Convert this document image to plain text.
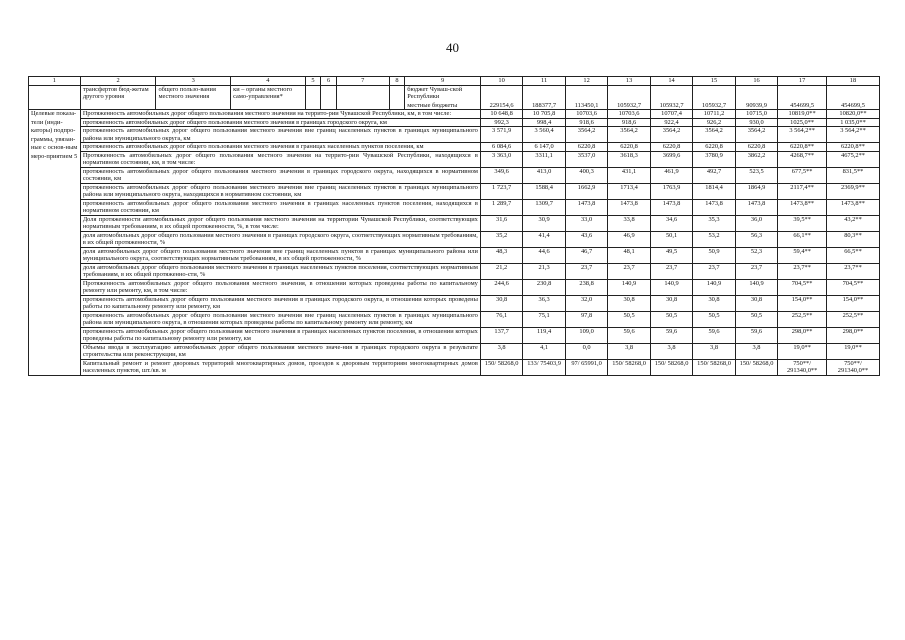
40
1	2	3	4	5	6	7	8	9	10	11	12	13	14	15	16	17	18
	трансфертов бюд-жетам другого уровня	общего пользо-вания местного значения	ки – органы местного само-управления*					бюджет Чуваш-ской Республики
местные бюджеты	229154,6	188377,7	113450,1	105932,7	105932,7	105932,7	90939,9	454699,5	454699,5
Целевые показа-тели (инди-каторы) подпро-граммы, увязан-ные с основ-ным меро-приятием 5	Протяженность автомобильных дорог общего пользования местного значения на террито-рии Чувашской Республики, км, в том числе:								10 648,8	10 705,8	10703,6	10703,6	10707,4	10711,2	10715,0	10819,0**	10820,0**
	протяженность автомобильных дорог общего пользования местного значения в границах городского округа, км								992,3	998,4	918,6	918,6	922,4	926,2	930,0	1025,0**	1 035,0**
	протяженность автомобильных дорог общего пользования местного значения вне границ населенных пунктов в границах муниципального района или муниципального округа, км								3 571,9	3 560,4	3564,2	3564,2	3564,2	3564,2	3564,2	3 564,2**	3 564,2**
	протяженность автомобильных дорог общего пользования местного значения в границах населенных пунктов поселения, км								6 084,6	6 147,0	6220,8	6220,8	6220,8	6220,8	6220,8	6220,8**	6220,8**
	Протяженность автомобильных дорог общего пользования местного значения на террито-рии Чувашской Республики, находящихся в нормативном состоянии, км, в том числе:								3 363,0	3311,1	3537,0	3618,3	3699,6	3780,9	3862,2	4268,7**	4675,2**
	протяженность автомобильных дорог общего пользования местного значения в границах городского округа, находящихся в нормативном состоянии, км								349,6	413,0	400,3	431,1	461,9	492,7	523,5	677,5**	831,5**
	протяженность автомобильных дорог общего пользования местного значения вне границ населенных пунктов в границах муниципального района или муниципального округа, находящихся в нормативном состоянии, км								1 723,7	1588,4	1662,9	1713,4	1763,9	1814,4	1864,9	2117,4**	2369,9**
	протяженность автомобильных дорог общего пользования местного значения в границах населенных пунктов поселения, находящихся в нормативном состоянии, км								1 289,7	1309,7	1473,8	1473,8	1473,8	1473,8	1473,8	1473,8**	1473,8**
	Доля протяженности автомобильных дорог общего пользования местного значения на территории Чувашской Республики, соответствующих нормативным требованиям, в их общей протяженности, %, в том числе:								31,6	30,9	33,0	33,8	34,6	35,3	36,0	39,5**	43,2**
	доля автомобильных дорог общего пользования местного значения в границах городского округа, соответствующих нормативным требованиям, в их общей протяженности, %								35,2	41,4	43,6	46,9	50,1	53,2	56,3	66,1**	80,3**
	доля автомобильных дорог общего пользования местного значения вне границ населенных пунктов в границах муниципального района или муниципального округа, соответствующих нормативным требованиям, в их общей протяженности, %								48,3	44,6	46,7	48,1	49,5	50,9	52,3	59,4**	66,5**
	доля автомобильных дорог общего пользования местного значения в границах населенных пунктов поселения, соответствующих нормативным требованиям, в их общей протяженно-сти, %								21,2	21,3	23,7	23,7	23,7	23,7	23,7	23,7**	23,7**
	Протяженность автомобильных дорог общего пользования местного значения, в отношении которых проведены работы по капитальному ремонту или ремонту, км, в том числе:								244,6	230,8	238,8	140,9	140,9	140,9	140,9	704,5**	704,5**
	протяженность автомобильных дорог общего пользования местного значения в границах городского округа, в отношении которых проведены работы по капитальному ремонту или ремонту, км								30,8	36,3	32,0	30,8	30,8	30,8	30,8	154,0**	154,0**
	протяженность автомобильных дорог общего пользования местного значения вне границ населенных пунктов в границах муниципального района или муниципального округа, в отношении которых проведены работы по капитальному ремонту или ремонту, км								76,1	75,1	97,8	50,5	50,5	50,5	50,5	252,5**	252,5**
	протяженность автомобильных дорог общего пользования местного значения в границах населенных пунктов поселения, в отношении которых проведены работы по капитальному ремонту или ремонту, км								137,7	119,4	109,0	59,6	59,6	59,6	59,6	298,0**	298,0**
	Объемы ввода в эксплуатацию автомобильных дорог общего пользования местного значе-ния в границах городского округа в результате строительства или реконструкции, км								3,8	4,1	0,0	3,8	3,8	3,8	3,8	19,0**	19,0**
	Капитальный ремонт и ремонт дворовых территорий многоквартирных домов, проездов к дворовым территориям многоквартирных домов населенных пунктов, шт./кв. м								150/ 58268,0	133/ 75403,9	97/ 65991,0	150/ 58268,0	150/ 58268,0	150/ 58268,0	150/ 58268,0	750**/ 291340,0**	750**/ 291340,0**
